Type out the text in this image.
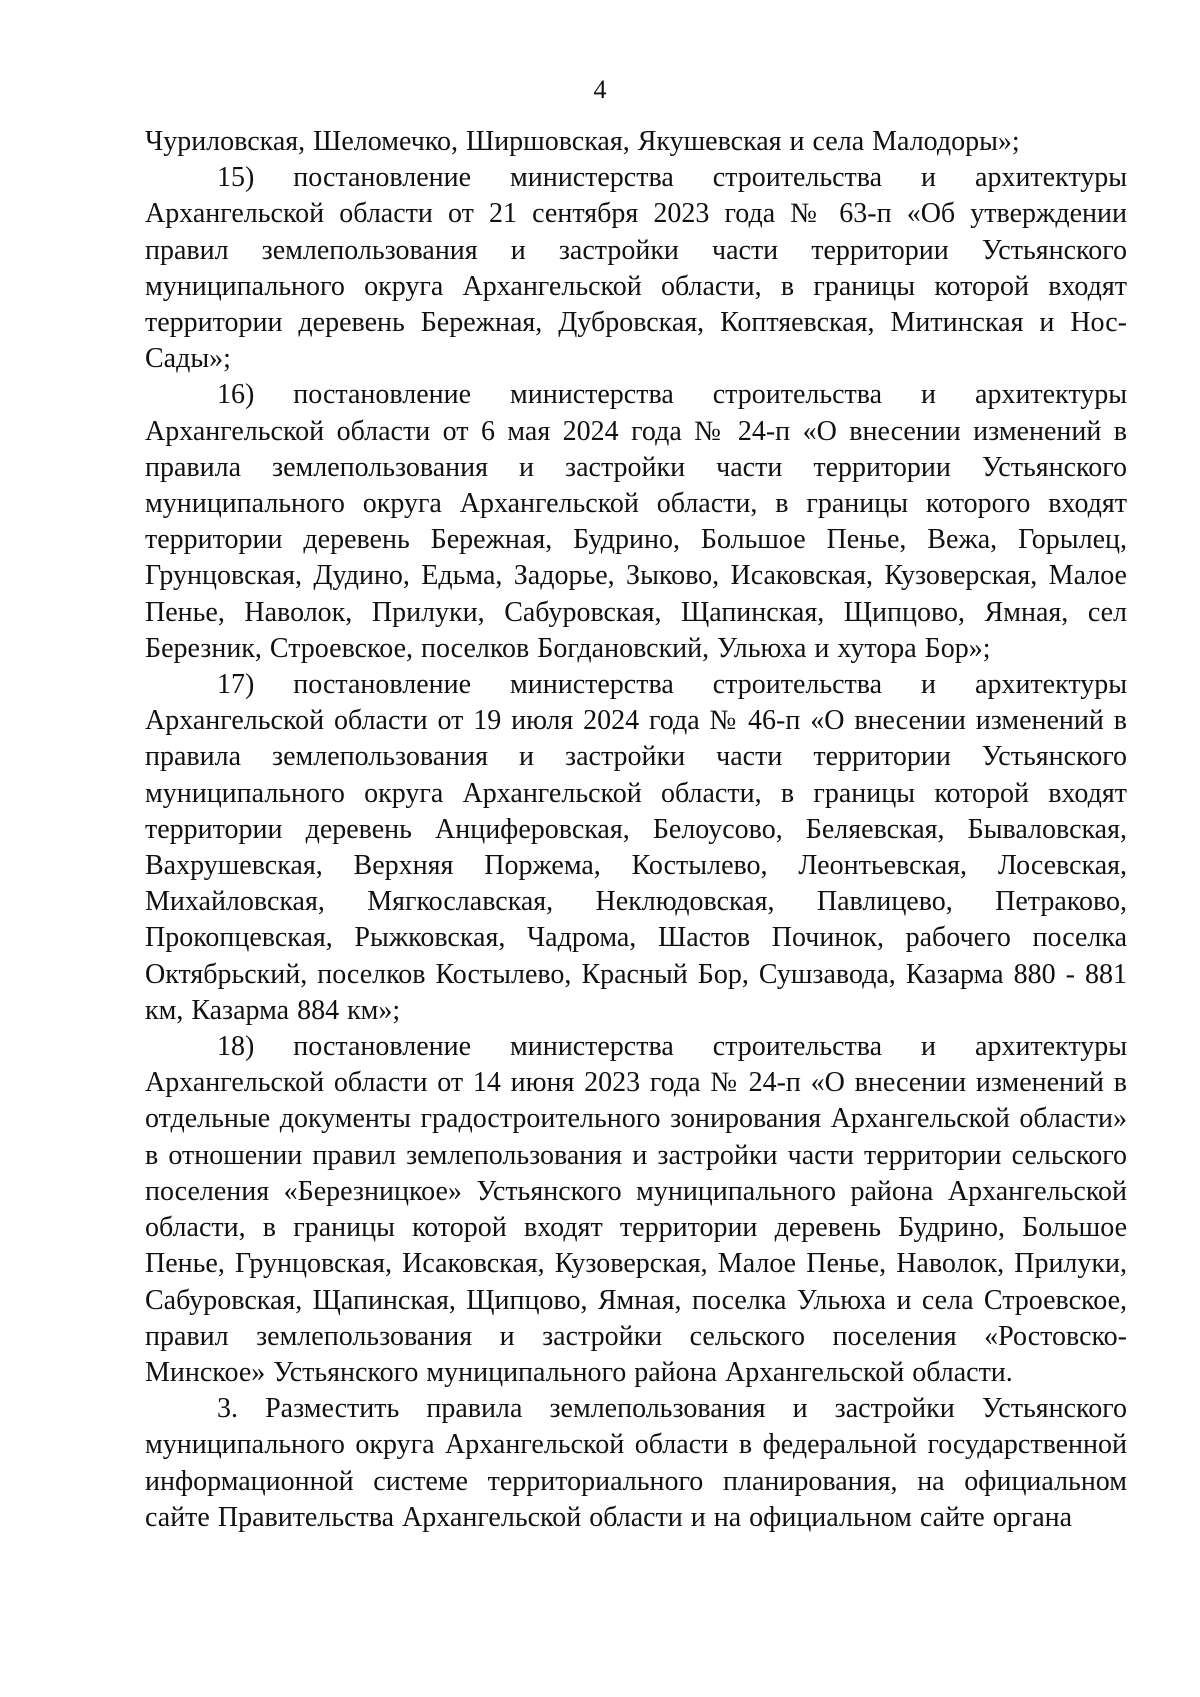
4

Чуриловская, Шеломечко, Ширшовская, Якушевская и села Малодоры»;

15) постановление министерства строительства и архитектуры Архангельской области от 21 сентября 2023 года № 63-п «Об утверждении правил землепользования и застройки части территории Устьянского муниципального округа Архангельской области, в границы которой входят территории деревень Бережная, Дубровская, Коптяевская, Митинская и Нос- Сады»;

16) постановление министерства строительства и архитектуры Архангельской области от 6 мая 2024 года № 24-п «О внесении изменений в правила землепользования и застройки части территории Устьянского муниципального округа Архангельской области, в границы которого входят территории деревень Бережная, Будрино, Большое Пенье, Вежа, Горылец, Грунцовская, Дудино, Едьма, Задорье, Зыково, Исаковская, Кузоверская, Малое Пенье, Наволок, Прилуки, Сабуровская, Щапинская, Щипцово, Ямная, сел Березник, Строевское, поселков Богдановский, Ульюха и хутора Бор»;

17) постановление министерства строительства и архитектуры Архангельской области от 19 июля 2024 года № 46-п «О внесении изменений в правила землепользования и застройки части территории Устьянского муниципального округа Архангельской области, в границы которой входят территории деревень Анциферовская, Белоусово, Беляевская, Бываловская, Вахрушевская, Верхняя Поржема, Костылево, Леонтьевская, Лосевская, Михайловская, Мягкославская, Неклюдовская, Павлицево, Петраково, Прокопцевская, Рыжковская, Чадрома, Шастов Починок, рабочего поселка Октябрьский, поселков Костылево, Красный Бор, Сушзавода, Казарма 880 - 881 км, Казарма 884 км»;

18) постановление министерства строительства и архитектуры Архангельской области от 14 июня 2023 года № 24-п «О внесении изменений в отдельные документы градостроительного зонирования Архангельской области» в отношении правил землепользования и застройки части территории сельского поселения «Березницкое» Устьянского муниципального района Архангельской области, в границы которой входят территории деревень Будрино, Большое Пенье, Грунцовская, Исаковская, Кузоверская, Малое Пенье, Наволок, Прилуки, Сабуровская, Щапинская, Щипцово, Ямная, поселка Ульюха и села Строевское, правил землепользования и застройки сельского поселения «Ростовско-Минское» Устьянского муниципального района Архангельской области.

3. Разместить правила землепользования и застройки Устьянского муниципального округа Архангельской области в федеральной государственной информационной системе территориального планирования, на официальном сайте Правительства Архангельской области и на официальном сайте органа
